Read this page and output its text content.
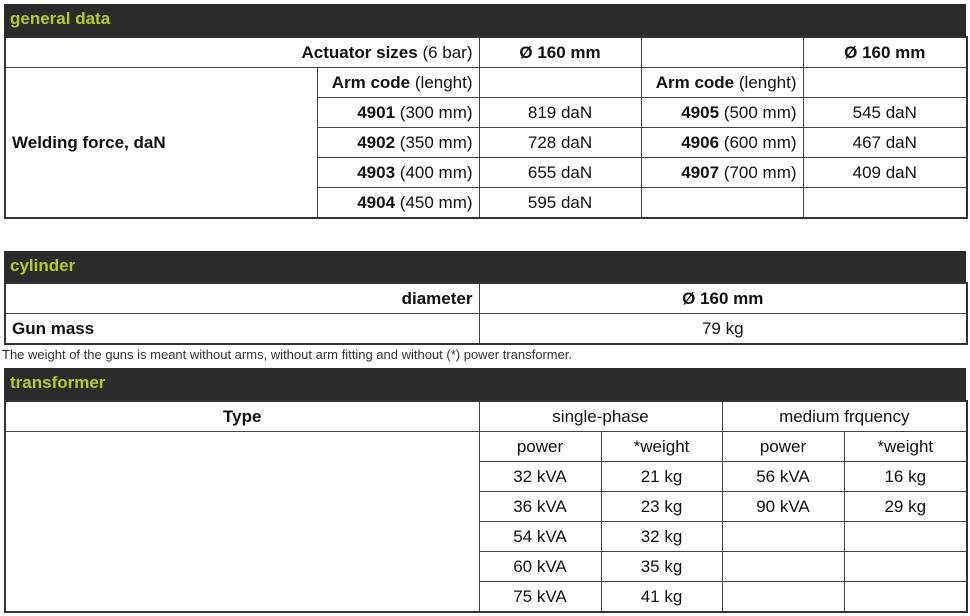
general data
Actuator sizes (6 bar)		Ø 160 mm		Ø 160 mm
Welding force, daN	Arm code (lenght)		Arm code (lenght)	
	4901 (300 mm)	819 daN	4905 (500 mm)	545 daN
	4902 (350 mm)	728 daN	4906 (600 mm)	467 daN
	4903 (400 mm)	655 daN	4907 (700 mm)	409 daN
	4904 (450 mm)	595 daN		
cylinder
diameter	Ø 160 mm
Gun mass	79 kg
The weight of the guns is meant without arms, without arm fitting and without (*) power transformer.
transformer
Type	single-phase		medium frquency	
	power	*weight	power	*weight
	32 kVA	21 kg	56 kVA	16 kg
	36 kVA	23 kg	90 kVA	29 kg
	54 kVA	32 kg		
	60 kVA	35 kg		
	75 kVA	41 kg		
